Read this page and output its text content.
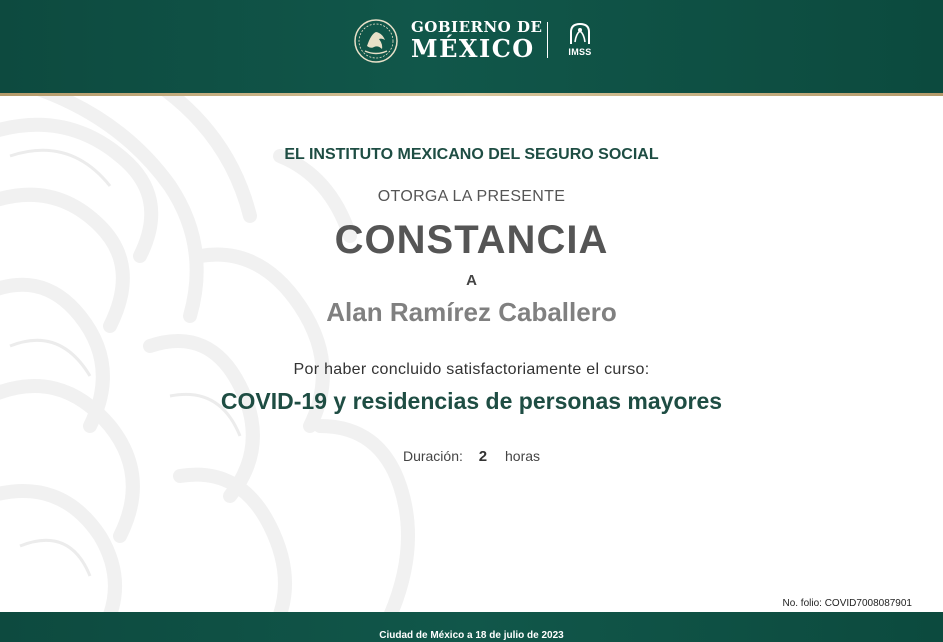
GOBIERNO DE
MÉXICO	IMSS
EL INSTITUTO MEXICANO DEL SEGURO SOCIAL
OTORGA LA PRESENTE
CONSTANCIA
A
Alan Ramírez Caballero
Por haber concluido satisfactoriamente el curso:
COVID-19 y residencias de personas mayores
Duración: 2 horas
No. folio: COVID7008087901
Ciudad de México a 18 de julio de 2023
